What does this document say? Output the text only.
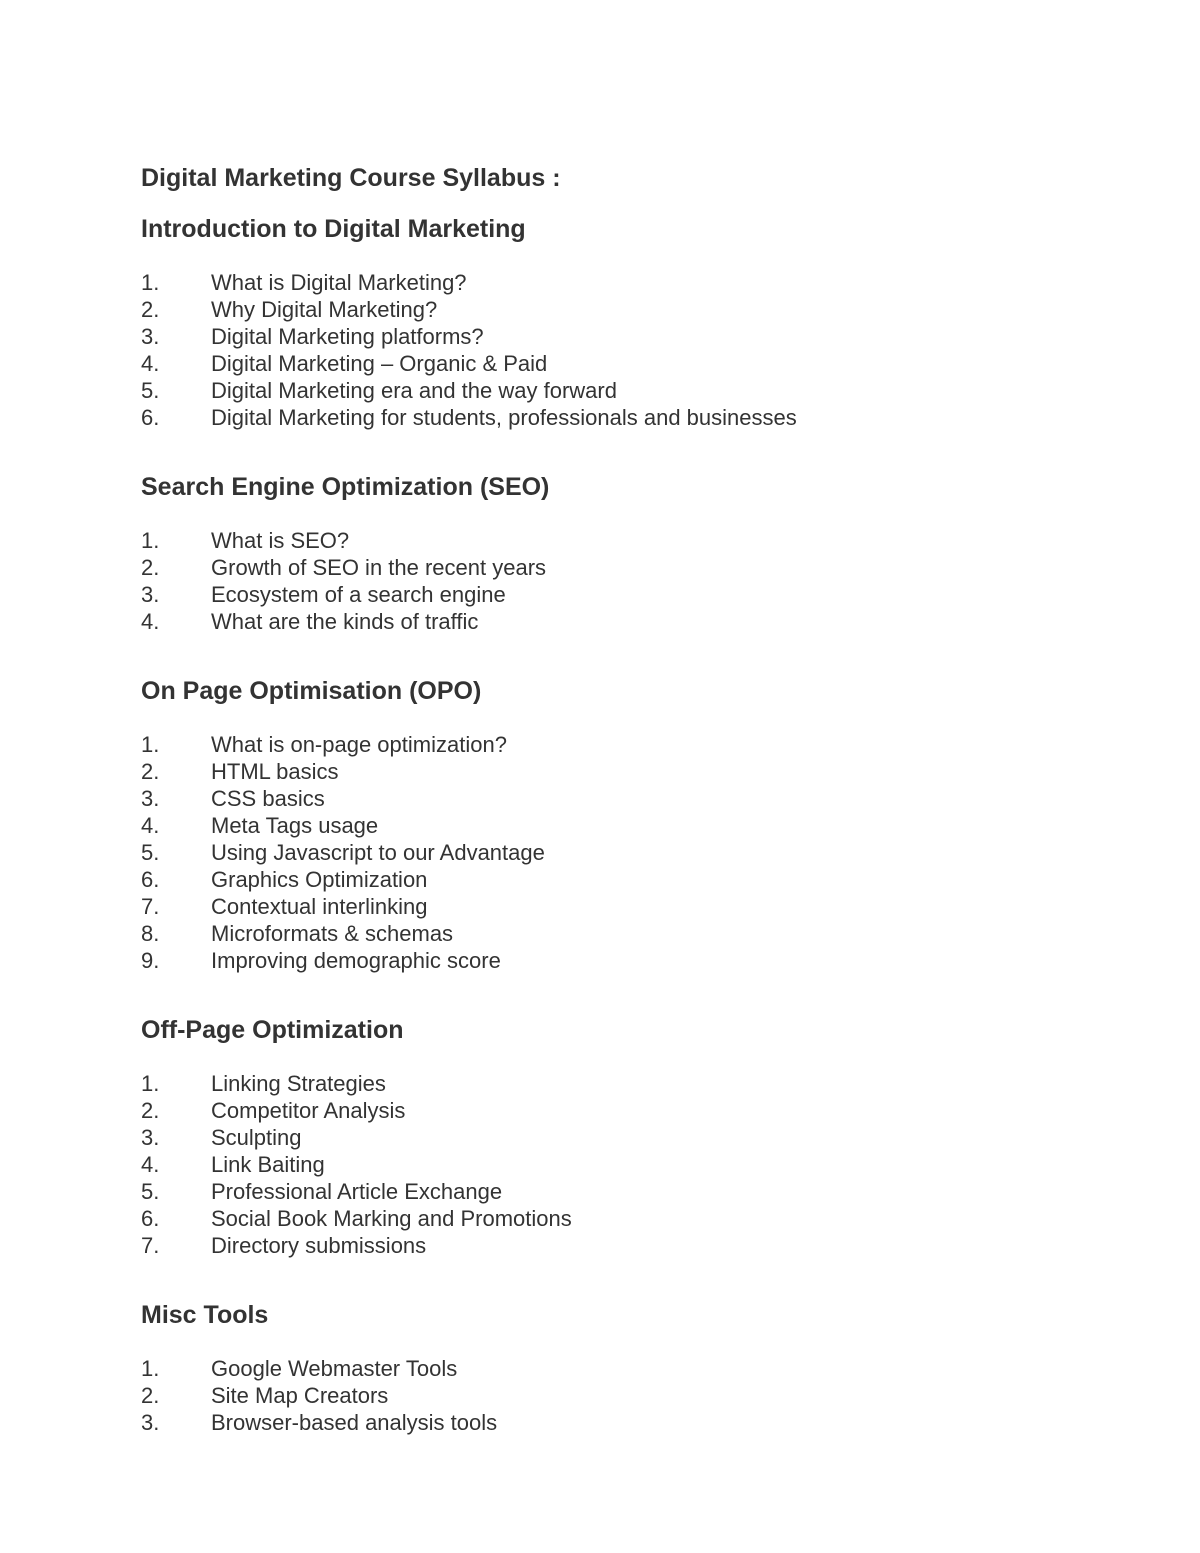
Digital Marketing Course Syllabus :
Introduction to Digital Marketing
1.	What is Digital Marketing?
2.	Why Digital Marketing?
3.	Digital Marketing platforms?
4.	Digital Marketing – Organic & Paid
5.	Digital Marketing era and the way forward
6.	Digital Marketing for students, professionals and businesses
Search Engine Optimization (SEO)
1.	What is SEO?
2.	Growth of SEO in the recent years
3.	Ecosystem of a search engine
4.	What are the kinds of traffic
On Page Optimisation (OPO)
1.	What is on-page optimization?
2.	HTML basics
3.	CSS basics
4.	Meta Tags usage
5.	Using Javascript to our Advantage
6.	Graphics Optimization
7.	Contextual interlinking
8.	Microformats & schemas
9.	Improving demographic score
Off-Page Optimization
1.	Linking Strategies
2.	Competitor Analysis
3.	Sculpting
4.	Link Baiting
5.	Professional Article Exchange
6.	Social Book Marking and Promotions
7.	Directory submissions
Misc Tools
1.	Google Webmaster Tools
2.	Site Map Creators
3.	Browser-based analysis tools
